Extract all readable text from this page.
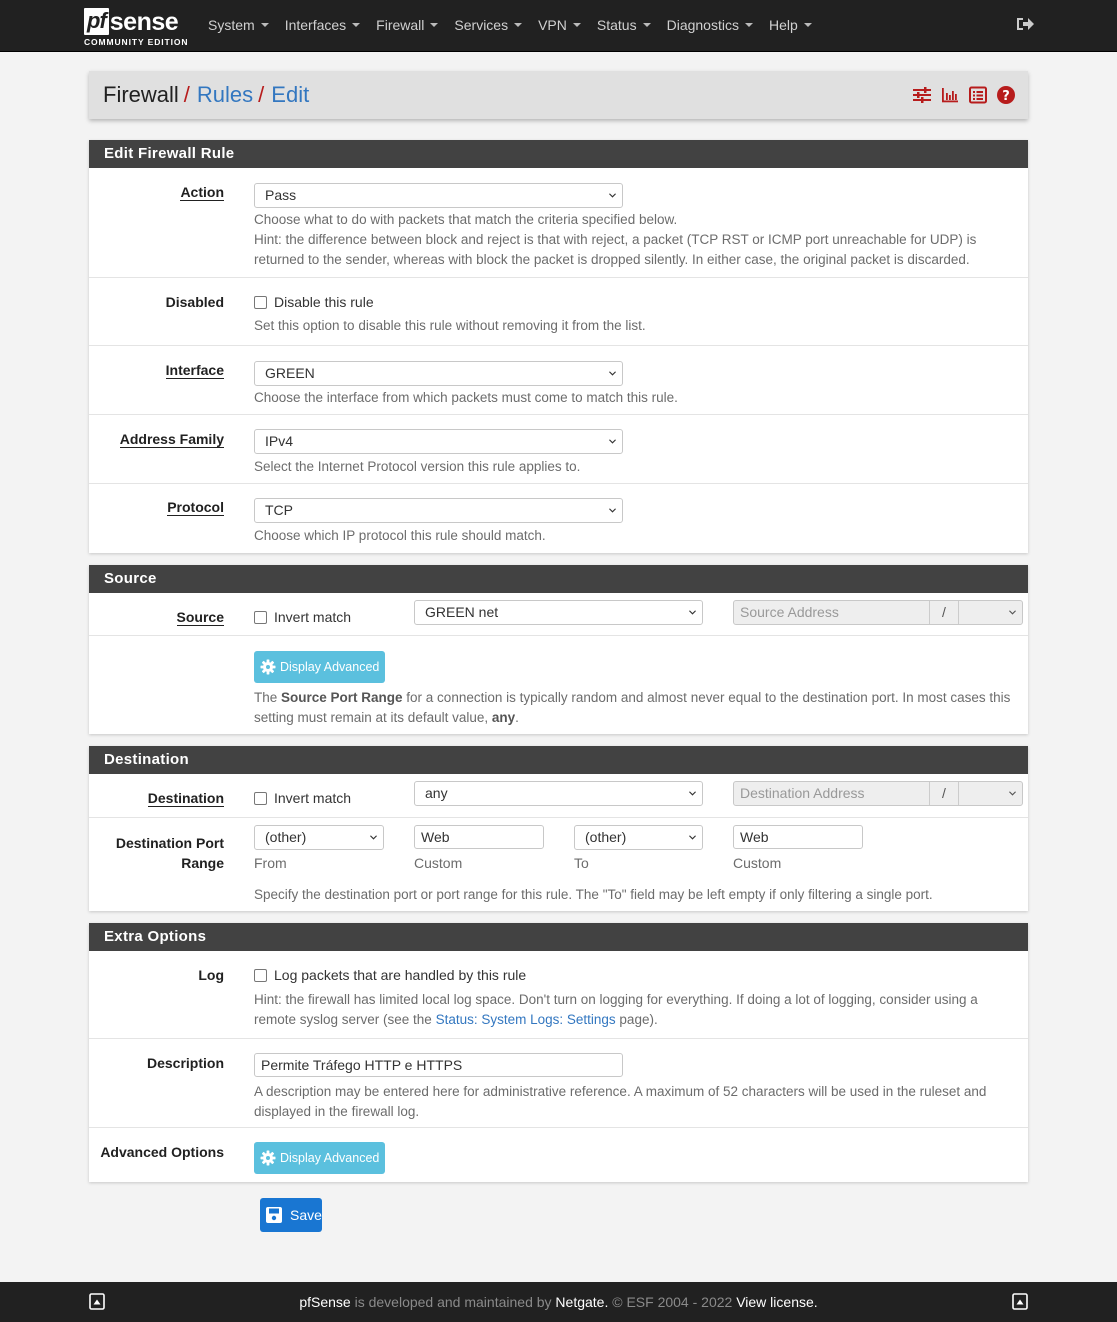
pf sense
COMMUNITY EDITION
System Interfaces Firewall Services VPN Status Diagnostics Help
Firewall / Rules / Edit	?
Edit Firewall Rule
Action	Pass
Choose what to do with packets that match the criteria specified below.
Hint: the difference between block and reject is that with reject, a packet (TCP RST or ICMP port unreachable for UDP) is returned to the sender, whereas with block the packet is dropped silently. In either case, the original packet is discarded.
Disabled	Disable this rule
Set this option to disable this rule without removing it from the list.
Interface	GREEN
Choose the interface from which packets must come to match this rule.
Address Family	IPv4
Select the Internet Protocol version this rule applies to.
Protocol	TCP
Choose which IP protocol this rule should match.
Source
Source	Invert match	GREEN net	Source Address	/
Display Advanced
The Source Port Range for a connection is typically random and almost never equal to the destination port. In most cases this setting must remain at its default value, any.
Destination
Destination	Invert match	any	Destination Address	/
Destination Port
Range
(other)	Web	(other)	Web
From	Custom	To	Custom
Specify the destination port or port range for this rule. The "To" field may be left empty if only filtering a single port.
Extra Options
Log	Log packets that are handled by this rule
Hint: the firewall has limited local log space. Don't turn on logging for everything. If doing a lot of logging, consider using a remote syslog server (see the Status: System Logs: Settings page).
Description	Permite Tráfego HTTP e HTTPS
A description may be entered here for administrative reference. A maximum of 52 characters will be used in the ruleset and displayed in the firewall log.
Advanced Options	Display Advanced
Save
pfSense is developed and maintained by Netgate. © ESF 2004 - 2022 View license.
